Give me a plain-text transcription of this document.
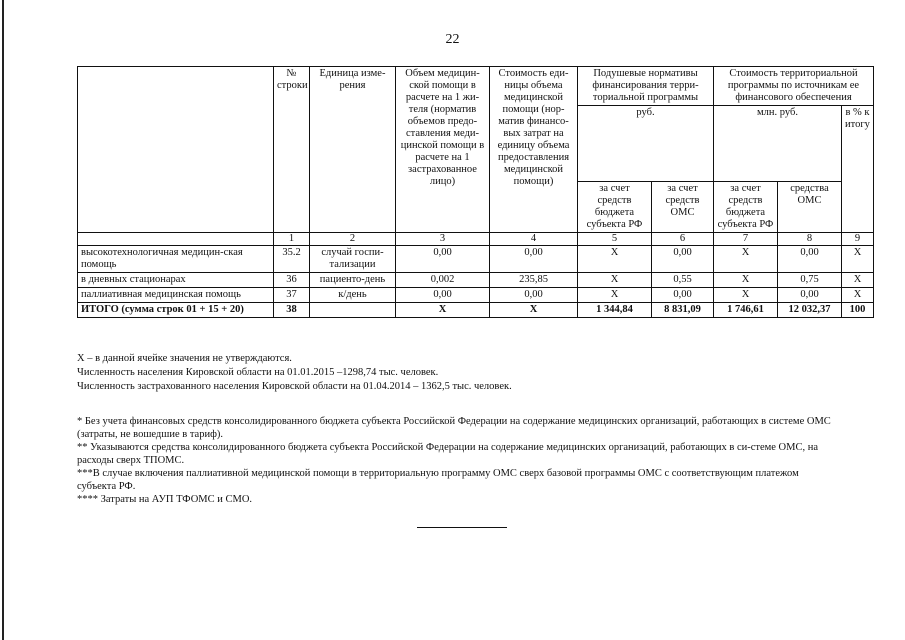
22
	№ строки	Единица изме-рения	Объем медицин-ской помощи в расчете на 1 жи-теля (норматив объемов предо-ставления меди-цинской помощи в расчете на 1 застрахованное лицо)	Стоимость еди-ницы объема медицинской помощи (нор-матив финансо-вых затрат на единицу объема предоставления медицинской помощи)	Подушевые нормативы финансирования терри-ториальной программы		Стоимость территориальной программы по источникам ее финансового обеспечения		
					руб.		млн. руб.		в % к итогу
					за счет средств бюджета субъекта РФ	за счет средств ОМС	за счет средств бюджета субъекта РФ	средства ОМС	
	1	2	3	4	5	6	7	8	9
высокотехнологичная медицин-ская помощь	35.2	случай госпи-тализации	0,00	0,00	X	0,00	X	0,00	X
в дневных стационарах	36	пациенто-день	0,002	235,85	X	0,55	X	0,75	X
паллиативная медицинская помощь	37	к/день	0,00	0,00	X	0,00	X	0,00	X
ИТОГО (сумма строк 01 + 15 + 20)	38		X	X	1 344,84	8 831,09	1 746,61	12 032,37	100
X – в данной ячейке значения не утверждаются.
Численность населения Кировской области на 01.01.2015 –1298,74 тыс. человек.
Численность застрахованного населения Кировской области на 01.04.2014 – 1362,5 тыс. человек.
* Без учета финансовых средств консолидированного бюджета субъекта Российской Федерации на содержание медицинских организаций, работающих в системе ОМС (затраты, не вошедшие в тариф).
** Указываются средства консолидированного бюджета субъекта Российской Федерации на содержание медицинских организаций, работающих в си-стеме ОМС, на расходы сверх ТПОМС.
***В случае включения паллиативной медицинской помощи в территориальную программу ОМС сверх базовой программы ОМС с соответствующим платежом субъекта РФ.
**** Затраты на АУП ТФОМС и СМО.
